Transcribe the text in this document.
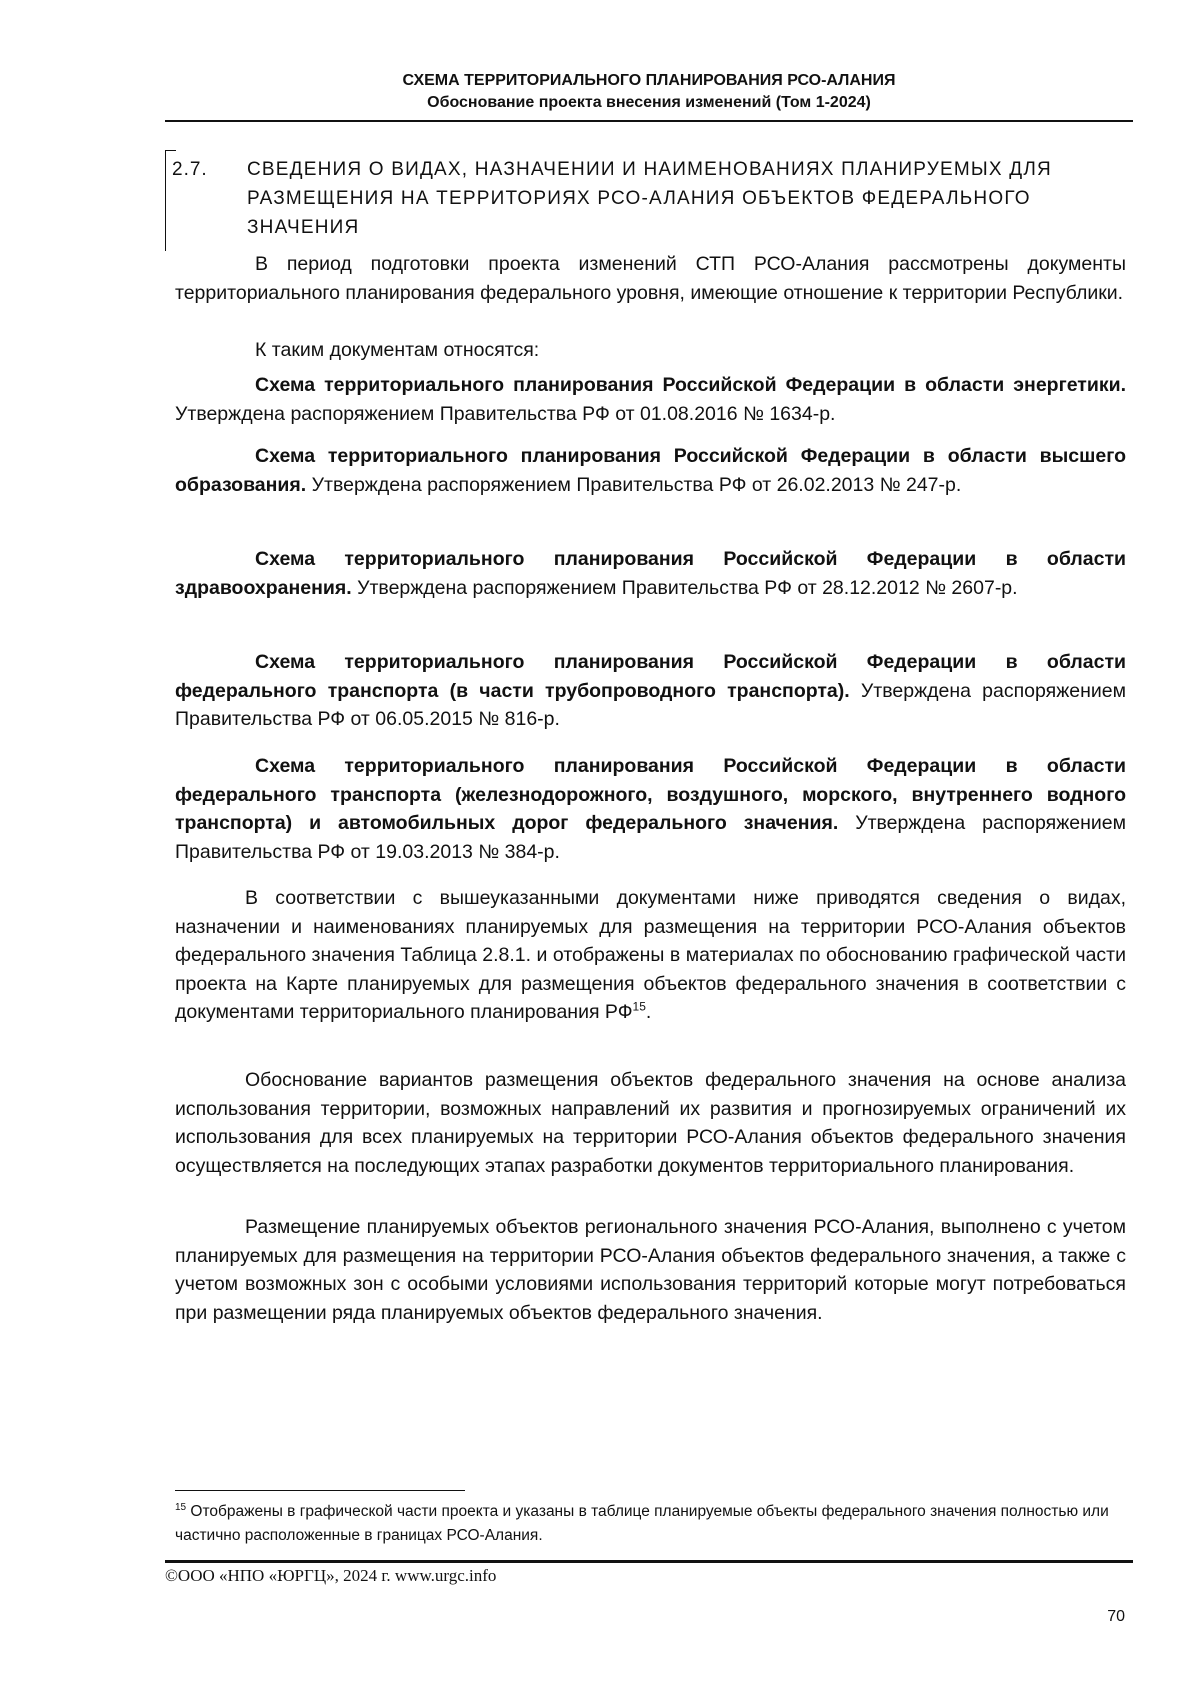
СХЕМА ТЕРРИТОРИАЛЬНОГО ПЛАНИРОВАНИЯ РСО-АЛАНИЯ
Обоснование проекта внесения изменений (Том 1-2024)
2.7. СВЕДЕНИЯ О ВИДАХ, НАЗНАЧЕНИИ И НАИМЕНОВАНИЯХ ПЛАНИРУЕМЫХ ДЛЯ РАЗМЕЩЕНИЯ НА ТЕРРИТОРИЯХ РСО-АЛАНИЯ ОБЪЕКТОВ ФЕДЕРАЛЬНОГО ЗНАЧЕНИЯ

В период подготовки проекта изменений СТП РСО-Алания рассмотрены документы территориального планирования федерального уровня, имеющие отношение к территории Республики.

К таким документам относятся:

Схема территориального планирования Российской Федерации в области энергетики. Утверждена распоряжением Правительства РФ от 01.08.2016 № 1634-р.

Схема территориального планирования Российской Федерации в области высшего образования. Утверждена распоряжением Правительства РФ от 26.02.2013 № 247-р.

Схема территориального планирования Российской Федерации в области здравоохранения. Утверждена распоряжением Правительства РФ от 28.12.2012 № 2607-р.

Схема территориального планирования Российской Федерации в области федерального транспорта (в части трубопроводного транспорта). Утверждена распоряжением Правительства РФ от 06.05.2015 № 816-р.

Схема территориального планирования Российской Федерации в области федерального транспорта (железнодорожного, воздушного, морского, внутреннего водного транспорта) и автомобильных дорог федерального значения. Утверждена распоряжением Правительства РФ от 19.03.2013 № 384-р.

В соответствии с вышеуказанными документами ниже приводятся сведения о видах, назначении и наименованиях планируемых для размещения на территории РСО-Алания объектов федерального значения Таблица 2.8.1. и отображены в материалах по обоснованию графической части проекта на Карте планируемых для размещения объектов федерального значения в соответствии с документами территориального планирования РФ$^{15}$.

Обоснование вариантов размещения объектов федерального значения на основе анализа использования территории, возможных направлений их развития и прогнозируемых ограничений их использования для всех планируемых на территории РСО-Алания объектов федерального значения осуществляется на последующих этапах разработки документов территориального планирования.

Размещение планируемых объектов регионального значения РСО-Алания, выполнено с учетом планируемых для размещения на территории РСО-Алания объектов федерального значения, а также с учетом возможных зон с особыми условиями использования территорий которые могут потребоваться при размещении ряда планируемых объектов федерального значения.

$^{15}$ Отображены в графической части проекта и указаны в таблице планируемые объекты федерального значения полностью или частично расположенные в границах РСО-Алания.
©ООО «НПО «ЮРГЦ», 2024 г. www.urgc.info
70
